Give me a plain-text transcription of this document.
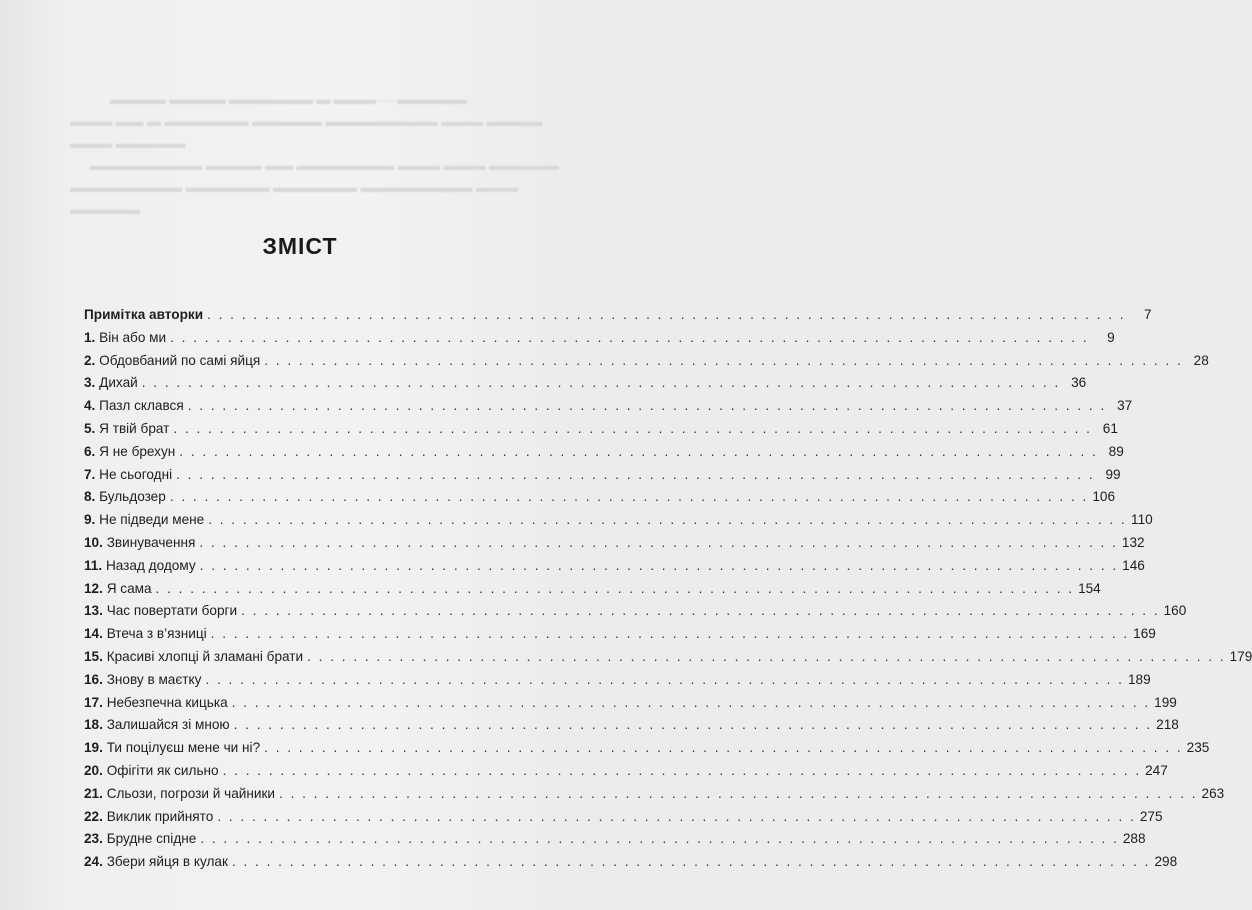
▬▬▬▬ ▬▬▬▬ ▬▬▬▬▬▬ ▬ ▬▬▬ — ▬▬▬▬▬
▬▬▬ ▬▬ ▬ ▬▬▬▬▬▬ ▬▬▬▬▬ ▬▬▬▬▬▬▬▬ ▬▬▬ ▬▬▬▬
▬▬▬ ▬▬▬▬▬
▬▬▬▬▬▬▬▬ ▬▬▬▬ ▬▬ ▬▬▬▬▬▬▬ ▬▬▬ ▬▬▬ ▬▬▬▬▬
▬▬▬▬▬▬▬▬ ▬▬▬▬▬▬ ▬▬▬▬▬▬ ▬▬▬▬▬▬▬▬ ▬▬▬ ▬▬▬▬▬
ЗМІСТ
Примітка авторки . . . . . . . . . . . . . . . . . . . . . . . . . . . . . . . . . . . . . . . . . . . . . . . . . . . . . . . . . . . . . . . . . . . . . . . . . . . . . . . .	7
1. Він або ми . . . . . . . . . . . . . . . . . . . . . . . . . . . . . . . . . . . . . . . . . . . . . . . . . . . . . . . . . . . . . . . . . . . . . . . . . . . . . . . .	9
2. Обдовбаний по самі яйця . . . . . . . . . . . . . . . . . . . . . . . . . . . . . . . . . . . . . . . . . . . . . . . . . . . . . . . . . . . . . . . . . . . . . . . . . . . . . . . . 28
3. Дихай . . . . . . . . . . . . . . . . . . . . . . . . . . . . . . . . . . . . . . . . . . . . . . . . . . . . . . . . . . . . . . . . . . . . . . . . . . . . . . . . 36
4. Пазл склався . . . . . . . . . . . . . . . . . . . . . . . . . . . . . . . . . . . . . . . . . . . . . . . . . . . . . . . . . . . . . . . . . . . . . . . . . . . . . . . . 37
5. Я твій брат . . . . . . . . . . . . . . . . . . . . . . . . . . . . . . . . . . . . . . . . . . . . . . . . . . . . . . . . . . . . . . . . . . . . . . . . . . . . . . . . 61
6. Я не брехун . . . . . . . . . . . . . . . . . . . . . . . . . . . . . . . . . . . . . . . . . . . . . . . . . . . . . . . . . . . . . . . . . . . . . . . . . . . . . . . . 89
7. Не сьогодні . . . . . . . . . . . . . . . . . . . . . . . . . . . . . . . . . . . . . . . . . . . . . . . . . . . . . . . . . . . . . . . . . . . . . . . . . . . . . . . . 99
8. Бульдозер . . . . . . . . . . . . . . . . . . . . . . . . . . . . . . . . . . . . . . . . . . . . . . . . . . . . . . . . . . . . . . . . . . . . . . . . . . . . . . . . 106
9. Не підведи мене . . . . . . . . . . . . . . . . . . . . . . . . . . . . . . . . . . . . . . . . . . . . . . . . . . . . . . . . . . . . . . . . . . . . . . . . . . . . . . . . 110
10. Звинувачення . . . . . . . . . . . . . . . . . . . . . . . . . . . . . . . . . . . . . . . . . . . . . . . . . . . . . . . . . . . . . . . . . . . . . . . . . . . . . . . . 132
11. Назад додому . . . . . . . . . . . . . . . . . . . . . . . . . . . . . . . . . . . . . . . . . . . . . . . . . . . . . . . . . . . . . . . . . . . . . . . . . . . . . . . . 146
12. Я сама . . . . . . . . . . . . . . . . . . . . . . . . . . . . . . . . . . . . . . . . . . . . . . . . . . . . . . . . . . . . . . . . . . . . . . . . . . . . . . . . 154
13. Час повертати борги . . . . . . . . . . . . . . . . . . . . . . . . . . . . . . . . . . . . . . . . . . . . . . . . . . . . . . . . . . . . . . . . . . . . . . . . . . . . . . . . 160
14. Втеча з в’язниці . . . . . . . . . . . . . . . . . . . . . . . . . . . . . . . . . . . . . . . . . . . . . . . . . . . . . . . . . . . . . . . . . . . . . . . . . . . . . . . . 169
15. Красиві хлопці й зламані брати . . . . . . . . . . . . . . . . . . . . . . . . . . . . . . . . . . . . . . . . . . . . . . . . . . . . . . . . . . . . . . . . . . . . . . . . . . . . . . . . 179
16. Знову в маєтку . . . . . . . . . . . . . . . . . . . . . . . . . . . . . . . . . . . . . . . . . . . . . . . . . . . . . . . . . . . . . . . . . . . . . . . . . . . . . . . . 189
17. Небезпечна кицька . . . . . . . . . . . . . . . . . . . . . . . . . . . . . . . . . . . . . . . . . . . . . . . . . . . . . . . . . . . . . . . . . . . . . . . . . . . . . . . . 199
18. Залишайся зі мною . . . . . . . . . . . . . . . . . . . . . . . . . . . . . . . . . . . . . . . . . . . . . . . . . . . . . . . . . . . . . . . . . . . . . . . . . . . . . . . . 218
19. Ти поцілуєш мене чи ні? . . . . . . . . . . . . . . . . . . . . . . . . . . . . . . . . . . . . . . . . . . . . . . . . . . . . . . . . . . . . . . . . . . . . . . . . . . . . . . . . 235
20. Офігіти як сильно . . . . . . . . . . . . . . . . . . . . . . . . . . . . . . . . . . . . . . . . . . . . . . . . . . . . . . . . . . . . . . . . . . . . . . . . . . . . . . . . 247
21. Сльози, погрози й чайники . . . . . . . . . . . . . . . . . . . . . . . . . . . . . . . . . . . . . . . . . . . . . . . . . . . . . . . . . . . . . . . . . . . . . . . . . . . . . . . . 263
22. Виклик прийнято . . . . . . . . . . . . . . . . . . . . . . . . . . . . . . . . . . . . . . . . . . . . . . . . . . . . . . . . . . . . . . . . . . . . . . . . . . . . . . . . 275
23. Брудне спідне . . . . . . . . . . . . . . . . . . . . . . . . . . . . . . . . . . . . . . . . . . . . . . . . . . . . . . . . . . . . . . . . . . . . . . . . . . . . . . . . 288
24. Збери яйця в кулак . . . . . . . . . . . . . . . . . . . . . . . . . . . . . . . . . . . . . . . . . . . . . . . . . . . . . . . . . . . . . . . . . . . . . . . . . . . . . . . . 298
